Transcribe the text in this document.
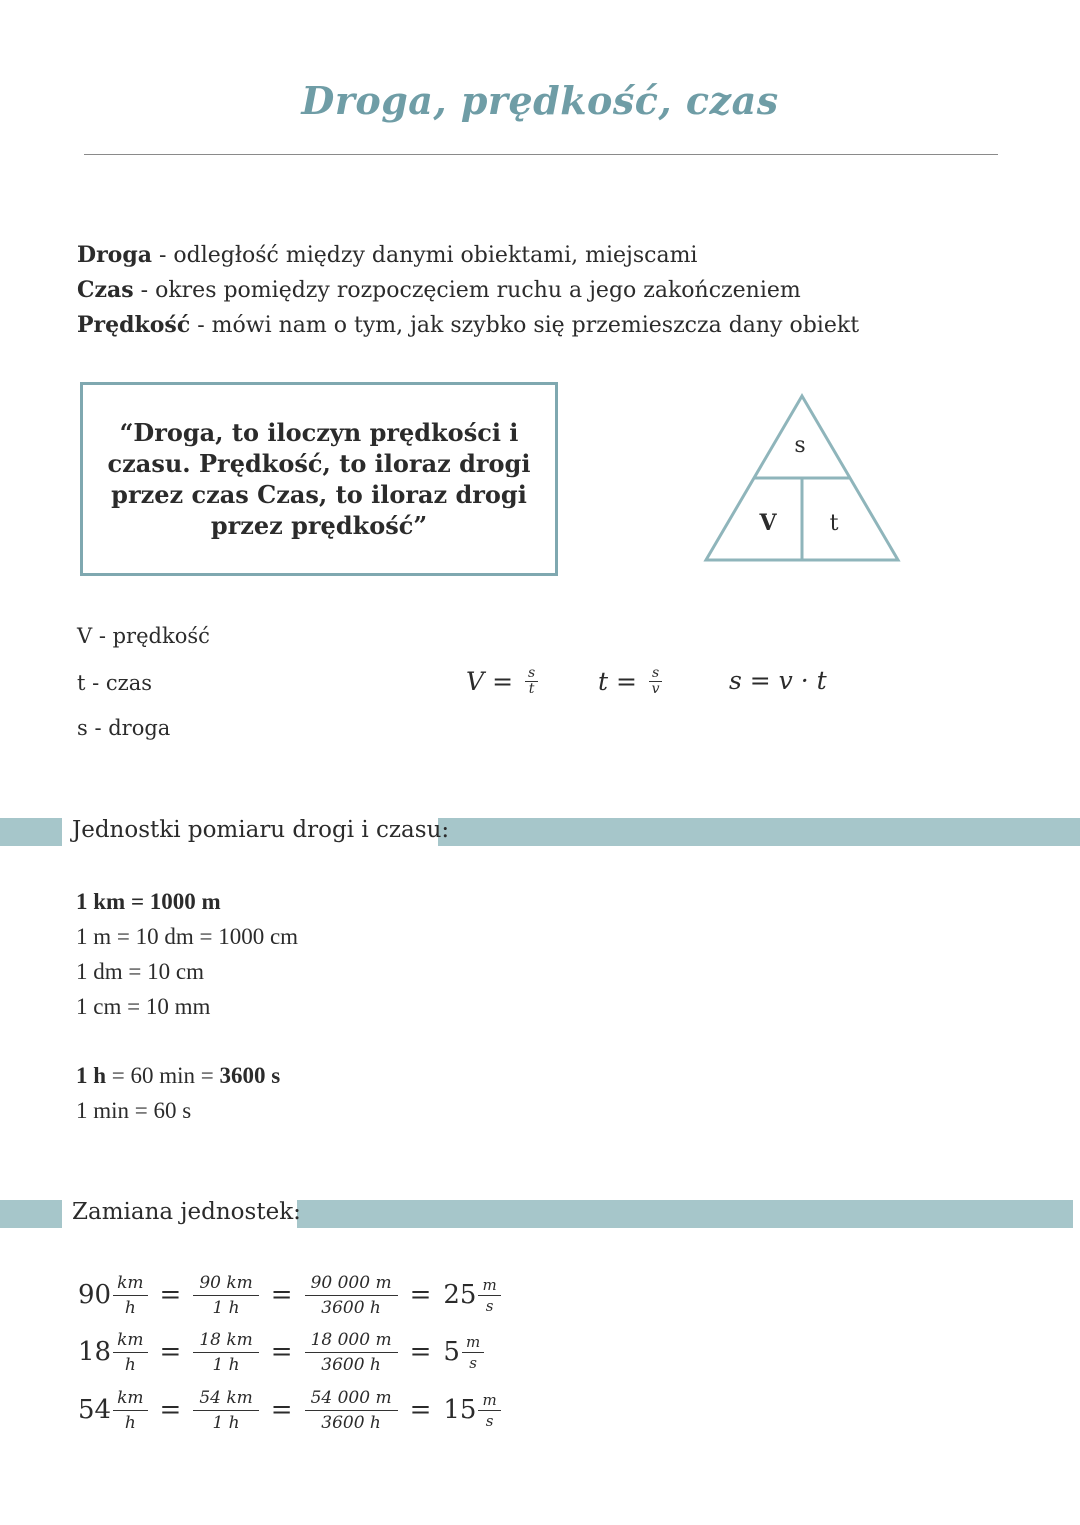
Droga, prędkość, czas
Droga - odległość między danymi obiektami, miejscami
Czas - okres pomiędzy rozpoczęciem ruchu a jego zakończeniem
Prędkość - mówi nam o tym, jak szybko się przemieszcza dany obiekt
“Droga, to iloczyn prędkości i czasu. Prędkość, to iloraz drogi przez czas Czas, to iloraz drogi przez prędkość”
s
V t
V - prędkość
t - czas
s - droga
$V = \frac{s}{t}$ $t = \frac{s}{v}$	s = v · t
Jednostki pomiaru drogi i czasu:
1 km = 1000 m
1 m = 10 dm = 1000 cm
1 dm = 10 cm
1 cm = 10 mm
1 h = 60 min = 3600 s
1 min = 60 s
Zamiana jednostek:
$90 \frac{km}{h} = \frac{90 km}{1 h} = \frac{90 000 m}{3600 h} = 25 \frac{m}{s}$
$18 \frac{km}{h} = \frac{18 km}{1 h} = \frac{18 000 m}{3600 h} = 5 \frac{m}{s}$
$54 \frac{km}{h} = \frac{54 km}{1 h} = \frac{54 000 m}{3600 h} = 15 \frac{m}{s}$
